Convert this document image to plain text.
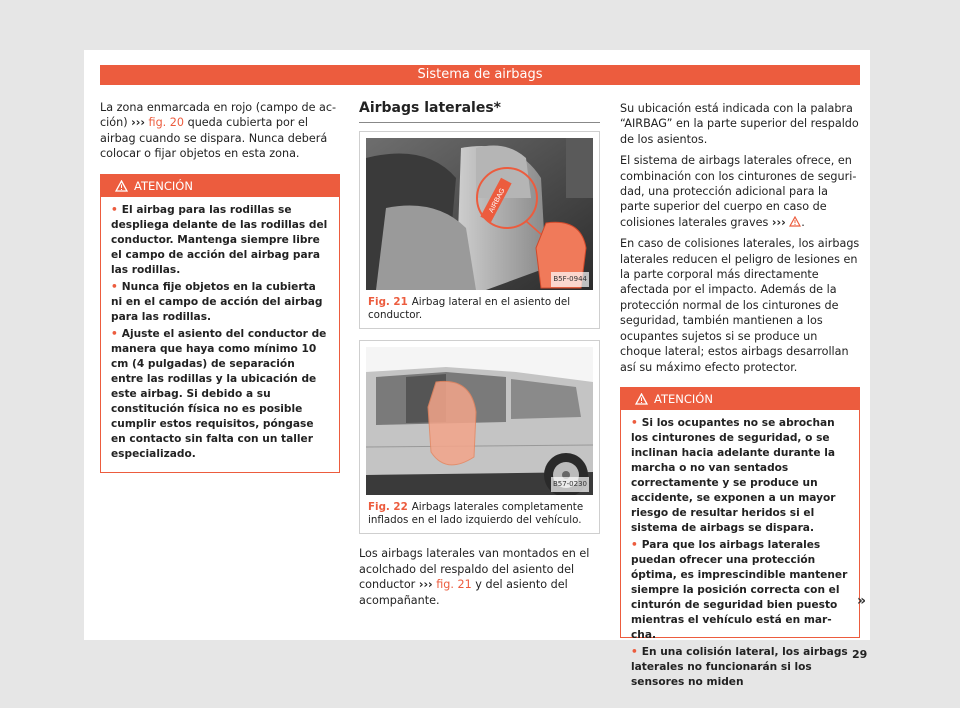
Sistema de airbags

La zona enmarcada en rojo (campo de acción) ››› fig. 20 queda cubierta por el airbag cuando se dispara. Nunca deberá colocar o fijar objetos en esta zona.

ATENCIÓN
• El airbag para las rodillas se despliega delante de las rodillas del conductor. Mantenga siempre libre el campo de acción del airbag para las rodillas.
• Nunca fije objetos en la cubierta ni en el campo de acción del airbag para las rodillas.
• Ajuste el asiento del conductor de manera que haya como mínimo 10 cm (4 pulgadas) de separación entre las rodillas y la ubicación de este airbag. Si debido a su constitución física no es posible cumplir estos requisitos, póngase en contacto sin falta con un taller especializado.
Airbags laterales*
AIRBAG
B5F-0944
Fig. 21 Airbag lateral en el asiento del conductor.
B57-0230
Fig. 22 Airbags laterales completamente inflados en el lado izquierdo del vehículo.

Los airbags laterales van montados en el acolchado del respaldo del asiento del conductor ››› fig. 21 y del asiento del acompañante.

Su ubicación está indicada con la palabra “AIRBAG” en la parte superior del respaldo de los asientos.

El sistema de airbags laterales ofrece, en combinación con los cinturones de seguridad, una protección adicional para la parte superior del cuerpo en caso de colisiones laterales graves ››› .

En caso de colisiones laterales, los airbags laterales reducen el peligro de lesiones en la parte corporal más directamente afectada por el impacto. Además de la protección normal de los cinturones de seguridad, también mantienen a los ocupantes sujetos si se produce un choque lateral; estos airbags desarrollan así su máximo efecto protector.

ATENCIÓN
• Si los ocupantes no se abrochan los cinturones de seguridad, o se inclinan hacia adelante durante la marcha o no van sentados correctamente y se produce un accidente, se exponen a un mayor riesgo de resultar heridos si el sistema de airbags se dispara.
• Para que los airbags laterales puedan ofrecer una protección óptima, es imprescindible mantener siempre la posición correcta con el cinturón de seguridad bien puesto mientras el vehículo está en marcha.
• En una colisión lateral, los airbags laterales no funcionarán si los sensores no miden
»
29
